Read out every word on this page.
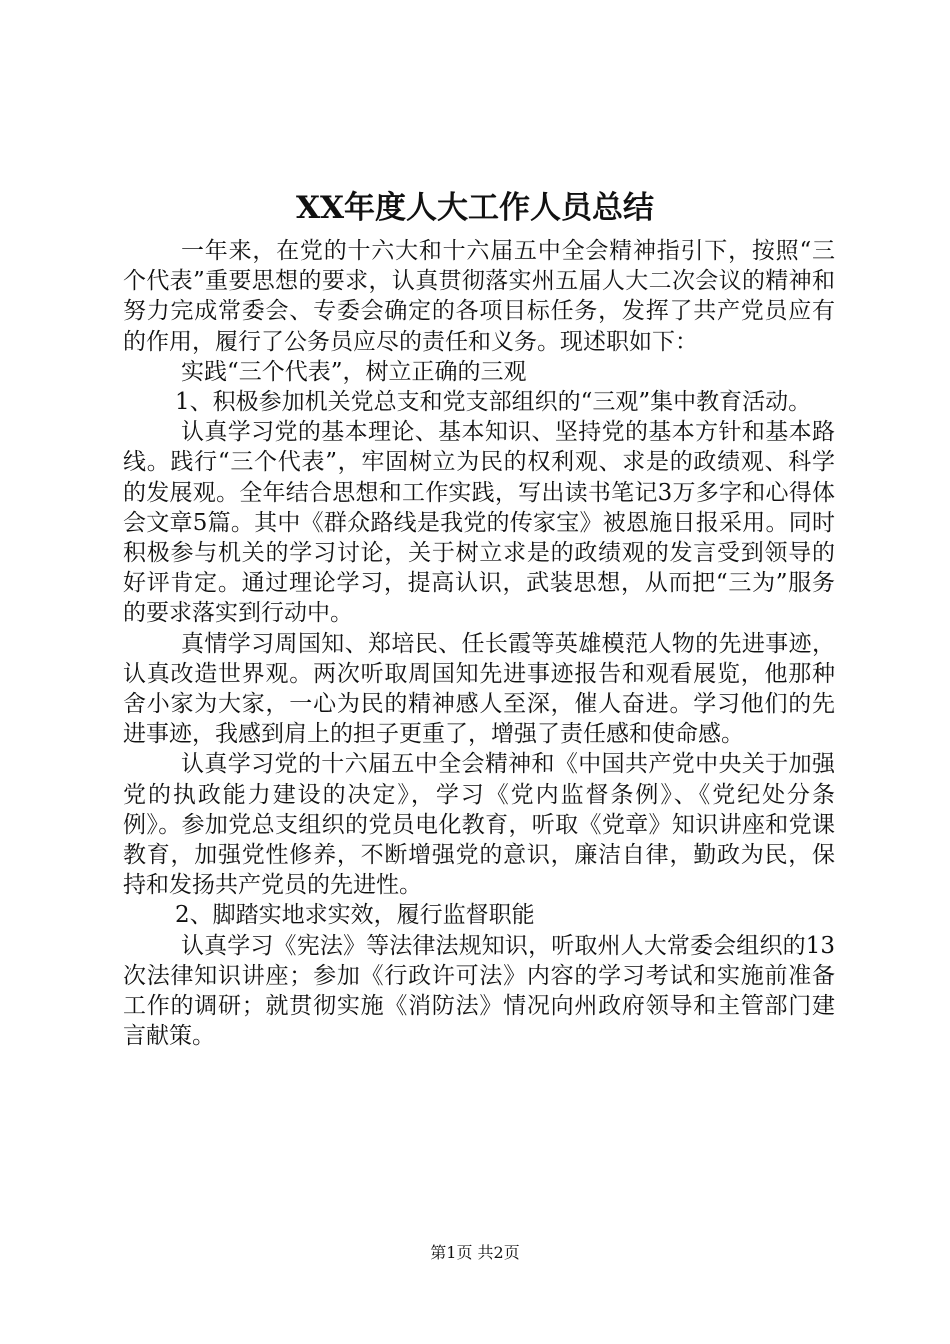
XX年度人大工作人员总结

一年来，在党的十六大和十六届五中全会精神指引下，按照“三个代表”重要思想的要求，认真贯彻落实州五届人大二次会议的精神和努力完成常委会、专委会确定的各项目标任务，发挥了共产党员应有的作用，履行了公务员应尽的责任和义务。现述职如下：

实践“三个代表”，树立正确的三观

1、积极参加机关党总支和党支部组织的“三观”集中教育活动。

认真学习党的基本理论、基本知识、坚持党的基本方针和基本路线。践行“三个代表”，牢固树立为民的权利观、求是的政绩观、科学的发展观。全年结合思想和工作实践，写出读书笔记3万多字和心得体会文章5篇。其中《群众路线是我党的传家宝》被恩施日报采用。同时积极参与机关的学习讨论，关于树立求是的政绩观的发言受到领导的好评肯定。通过理论学习，提高认识，武装思想，从而把“三为”服务的要求落实到行动中。

真情学习周国知、郑培民、任长霞等英雄模范人物的先进事迹，认真改造世界观。两次听取周国知先进事迹报告和观看展览，他那种舍小家为大家，一心为民的精神感人至深，催人奋进。学习他们的先进事迹，我感到肩上的担子更重了，增强了责任感和使命感。

认真学习党的十六届五中全会精神和《中国共产党中央关于加强党的执政能力建设的决定》，学习《党内监督条例》、《党纪处分条例》。参加党总支组织的党员电化教育，听取《党章》知识讲座和党课教育，加强党性修养，不断增强党的意识，廉洁自律，勤政为民，保持和发扬共产党员的先进性。

2、脚踏实地求实效，履行监督职能

认真学习《宪法》等法律法规知识，听取州人大常委会组织的13次法律知识讲座；参加《行政许可法》内容的学习考试和实施前准备工作的调研；就贯彻实施《消防法》情况向州政府领导和主管部门建言献策。

第1页 共2页
